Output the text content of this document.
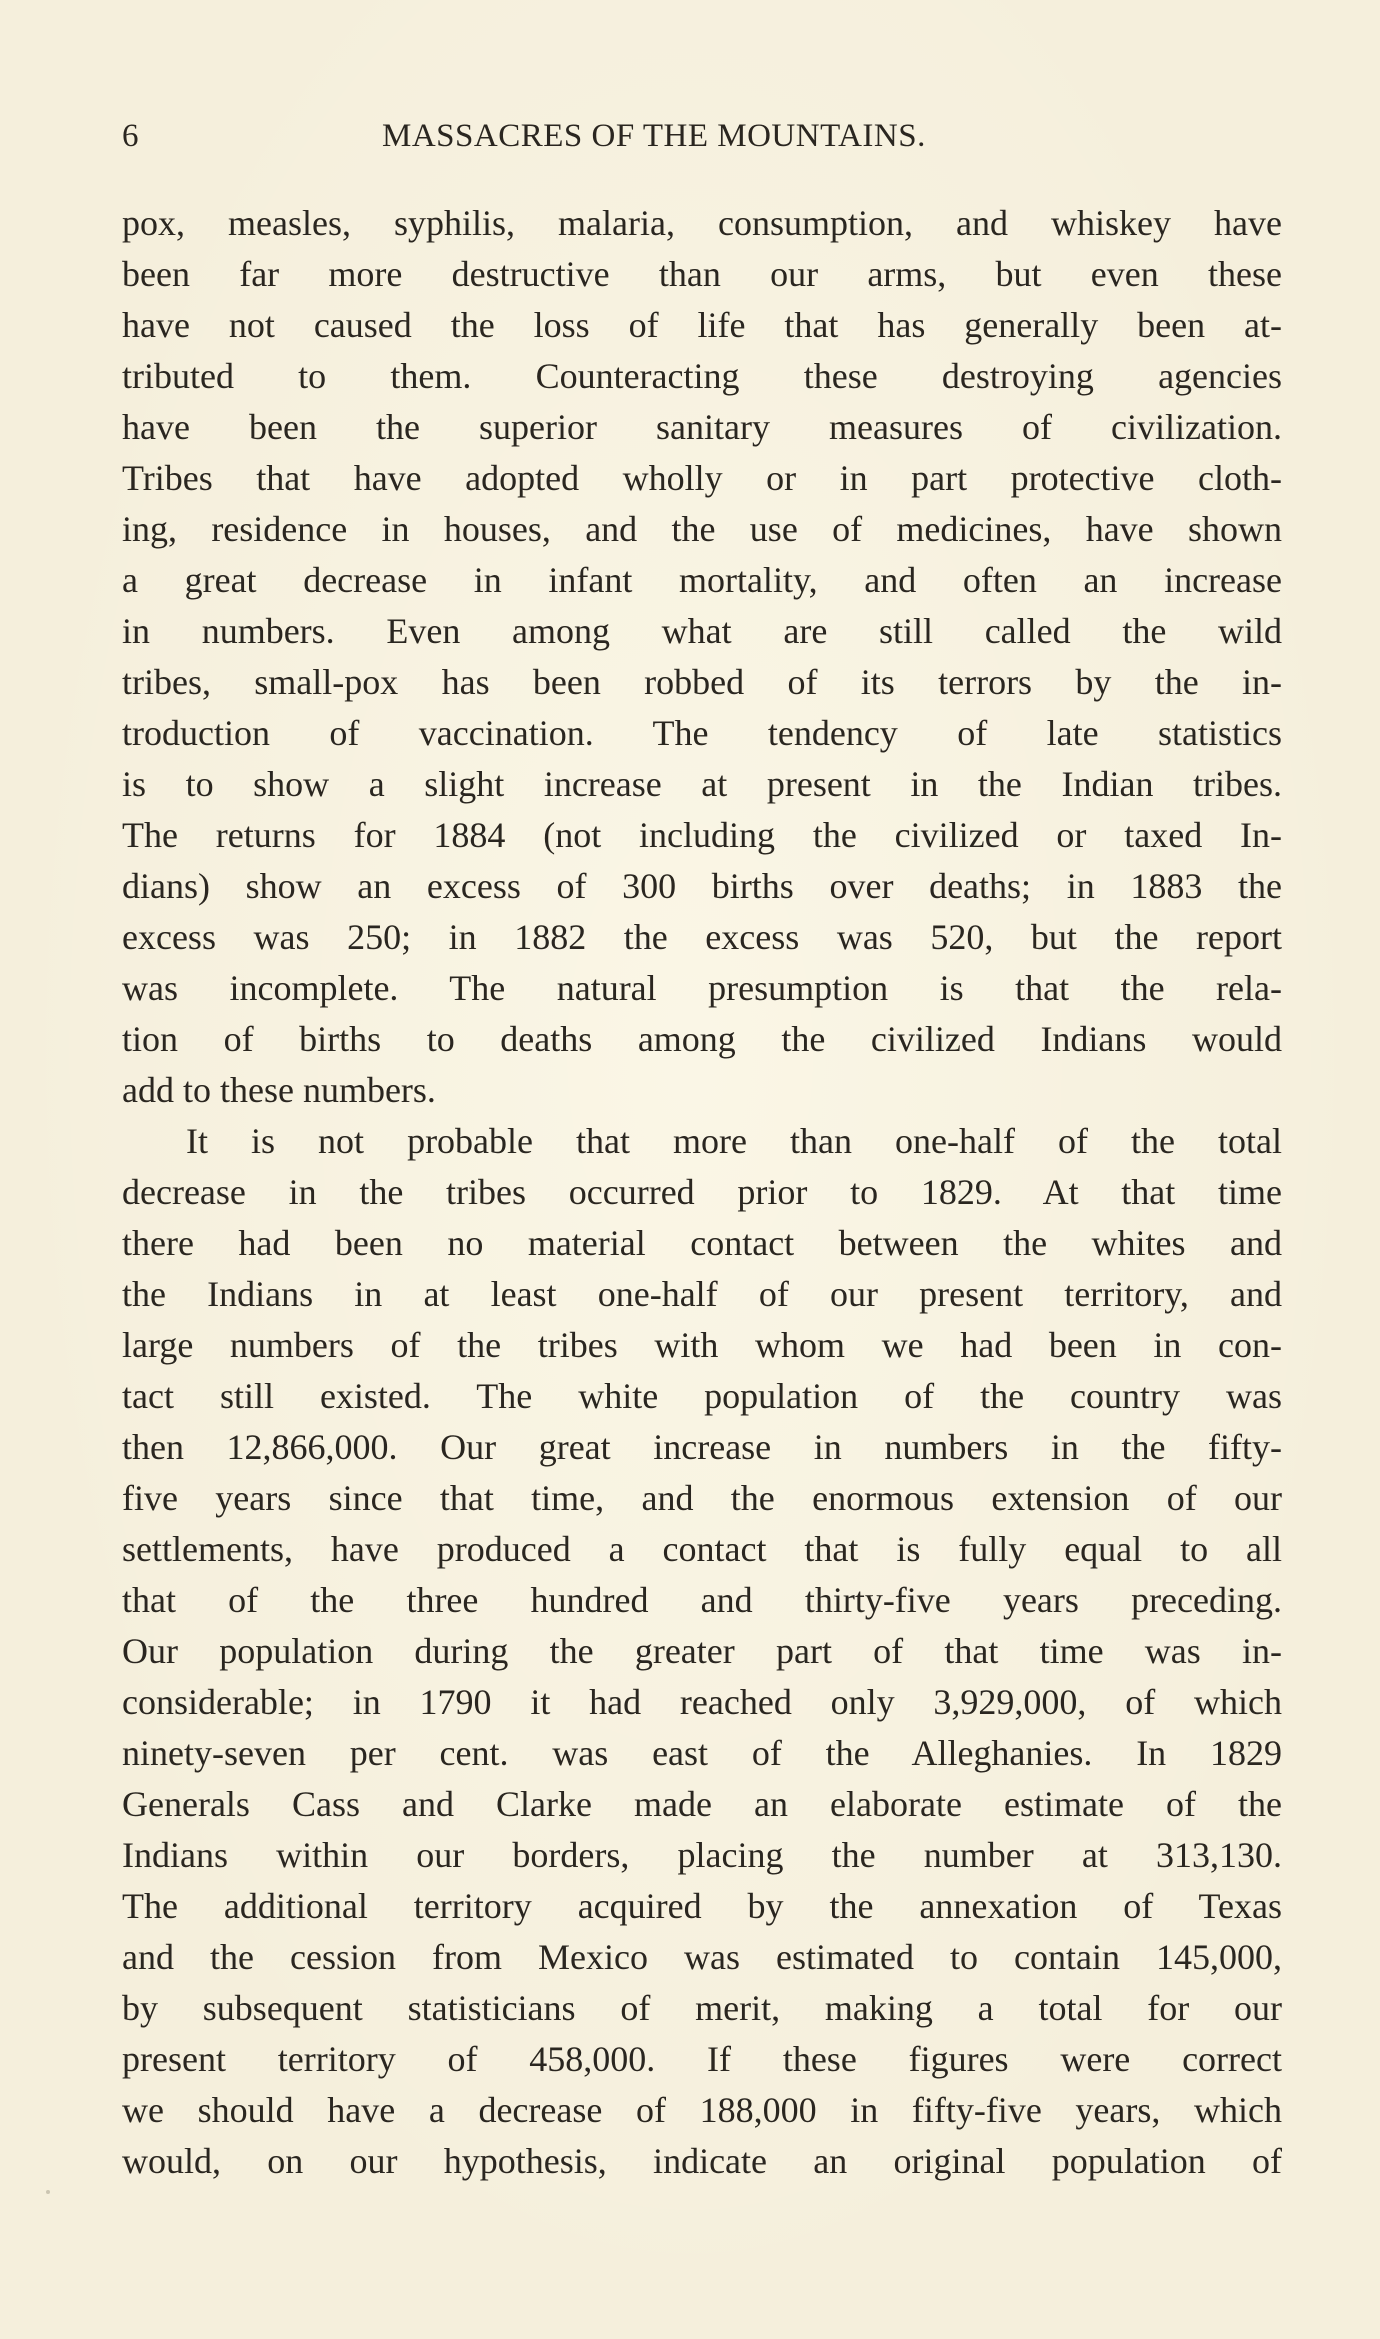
6	MASSACRES OF THE MOUNTAINS.
pox, measles, syphilis, malaria, consumption, and whiskey have
been far more destructive than our arms, but even these
have not caused the loss of life that has generally been at-
tributed to them. Counteracting these destroying agencies
have been the superior sanitary measures of civilization.
Tribes that have adopted wholly or in part protective cloth-
ing, residence in houses, and the use of medicines, have shown
a great decrease in infant mortality, and often an increase
in numbers. Even among what are still called the wild
tribes, small-pox has been robbed of its terrors by the in-
troduction of vaccination. The tendency of late statistics
is to show a slight increase at present in the Indian tribes.
The returns for 1884 (not including the civilized or taxed In-
dians) show an excess of 300 births over deaths; in 1883 the
excess was 250; in 1882 the excess was 520, but the report
was incomplete. The natural presumption is that the rela-
tion of births to deaths among the civilized Indians would
add to these numbers.
It is not probable that more than one-half of the total
decrease in the tribes occurred prior to 1829. At that time
there had been no material contact between the whites and
the Indians in at least one-half of our present territory, and
large numbers of the tribes with whom we had been in con-
tact still existed. The white population of the country was
then 12,866,000. Our great increase in numbers in the fifty-
five years since that time, and the enormous extension of our
settlements, have produced a contact that is fully equal to all
that of the three hundred and thirty-five years preceding.
Our population during the greater part of that time was in-
considerable; in 1790 it had reached only 3,929,000, of which
ninety-seven per cent. was east of the Alleghanies. In 1829
Generals Cass and Clarke made an elaborate estimate of the
Indians within our borders, placing the number at 313,130.
The additional territory acquired by the annexation of Texas
and the cession from Mexico was estimated to contain 145,000,
by subsequent statisticians of merit, making a total for our
present territory of 458,000. If these figures were correct
we should have a decrease of 188,000 in fifty-five years, which
would, on our hypothesis, indicate an original population of
